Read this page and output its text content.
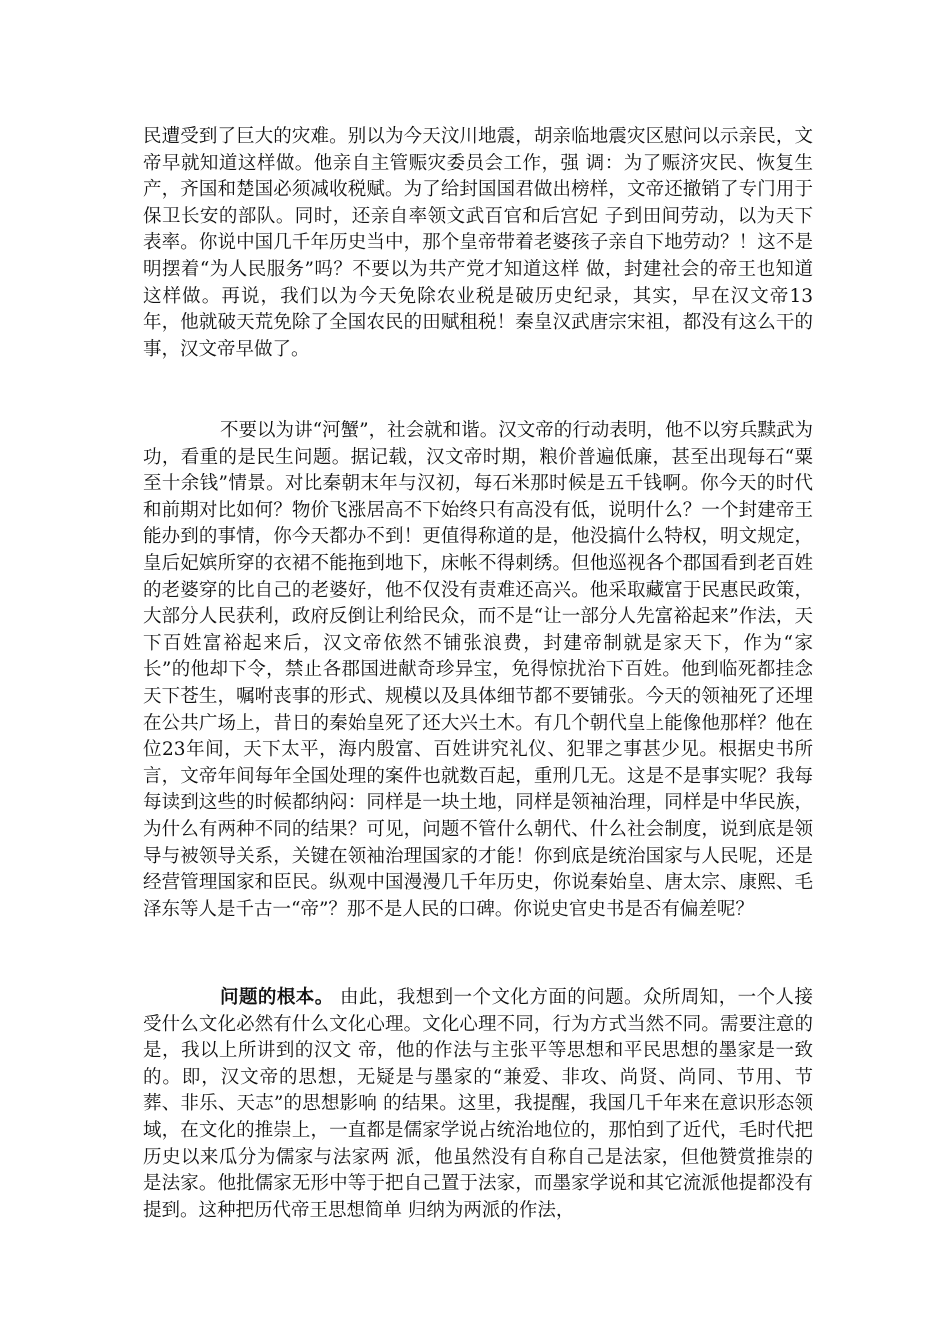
民遭受到了巨大的灾难。别以为今天汶川地震，胡亲临地震灾区慰问以示亲民，文帝早就知道这样做。他亲自主管赈灾委员会工作，强 调：为了赈济灾民、恢复生产，齐国和楚国必须减收税赋。为了给封国国君做出榜样，文帝还撤销了专门用于保卫长安的部队。同时，还亲自率领文武百官和后宫妃 子到田间劳动，以为天下表率。你说中国几千年历史当中，那个皇帝带着老婆孩子亲自下地劳动？！这不是明摆着“为人民服务”吗？不要以为共产党才知道这样 做，封建社会的帝王也知道这样做。再说，我们以为今天免除农业税是破历史纪录，其实，早在汉文帝13年，他就破天荒免除了全国农民的田赋租税！秦皇汉武唐宗宋祖，都没有这么干的事，汉文帝早做了。

不要以为讲“河蟹”，社会就和谐。汉文帝的行动表明，他不以穷兵黩武为 功，看重的是民生问题。据记载，汉文帝时期，粮价普遍低廉，甚至出现每石“粟至十余钱”情景。对比秦朝末年与汉初，每石米那时候是五千钱啊。你今天的时代 和前期对比如何？物价飞涨居高不下始终只有高没有低，说明什么？一个封建帝王能办到的事情，你今天都办不到！更值得称道的是，他没搞什么特权，明文规定， 皇后妃嫔所穿的衣裙不能拖到地下，床帐不得刺绣。但他巡视各个郡国看到老百姓的老婆穿的比自己的老婆好，他不仅没有责难还高兴。他采取藏富于民惠民政策， 大部分人民获利，政府反倒让利给民众，而不是“让一部分人先富裕起来”作法，天下百姓富裕起来后，汉文帝依然不铺张浪费，封建帝制就是家天下，作为“家 长”的他却下令，禁止各郡国进献奇珍异宝，免得惊扰治下百姓。他到临死都挂念天下苍生，嘱咐丧事的形式、规模以及具体细节都不要铺张。今天的领袖死了还埋 在公共广场上，昔日的秦始皇死了还大兴土木。有几个朝代皇上能像他那样？他在位23年间，天下太平，海内殷富、百姓讲究礼仪、犯罪之事甚少见。根据史书所 言，文帝年间每年全国处理的案件也就数百起，重刑几无。这是不是事实呢？我每每读到这些的时候都纳闷：同样是一块土地，同样是领袖治理，同样是中华民族， 为什么有两种不同的结果？可见，问题不管什么朝代、什么社会制度，说到底是领导与被领导关系，关键在领袖治理国家的才能！你到底是统治国家与人民呢，还是 经营管理国家和臣民。纵观中国漫漫几千年历史，你说秦始皇、唐太宗、康熙、毛泽东等人是千古一“帝”？那不是人民的口碑。你说史官史书是否有偏差呢？

问题的根本。 由此，我想到一个文化方面的问题。众所周知，一个人接受什么文化必然有什么文化心理。文化心理不同，行为方式当然不同。需要注意的是，我以上所讲到的汉文 帝，他的作法与主张平等思想和平民思想的墨家是一致的。即，汉文帝的思想，无疑是与墨家的“兼爱、非攻、尚贤、尚同、节用、节葬、非乐、天志”的思想影响 的结果。这里，我提醒，我国几千年来在意识形态领域，在文化的推崇上，一直都是儒家学说占统治地位的，那怕到了近代，毛时代把历史以来瓜分为儒家与法家两 派，他虽然没有自称自己是法家，但他赞赏推崇的是法家。他批儒家无形中等于把自己置于法家，而墨家学说和其它流派他提都没有提到。这种把历代帝王思想简单 归纳为两派的作法，
